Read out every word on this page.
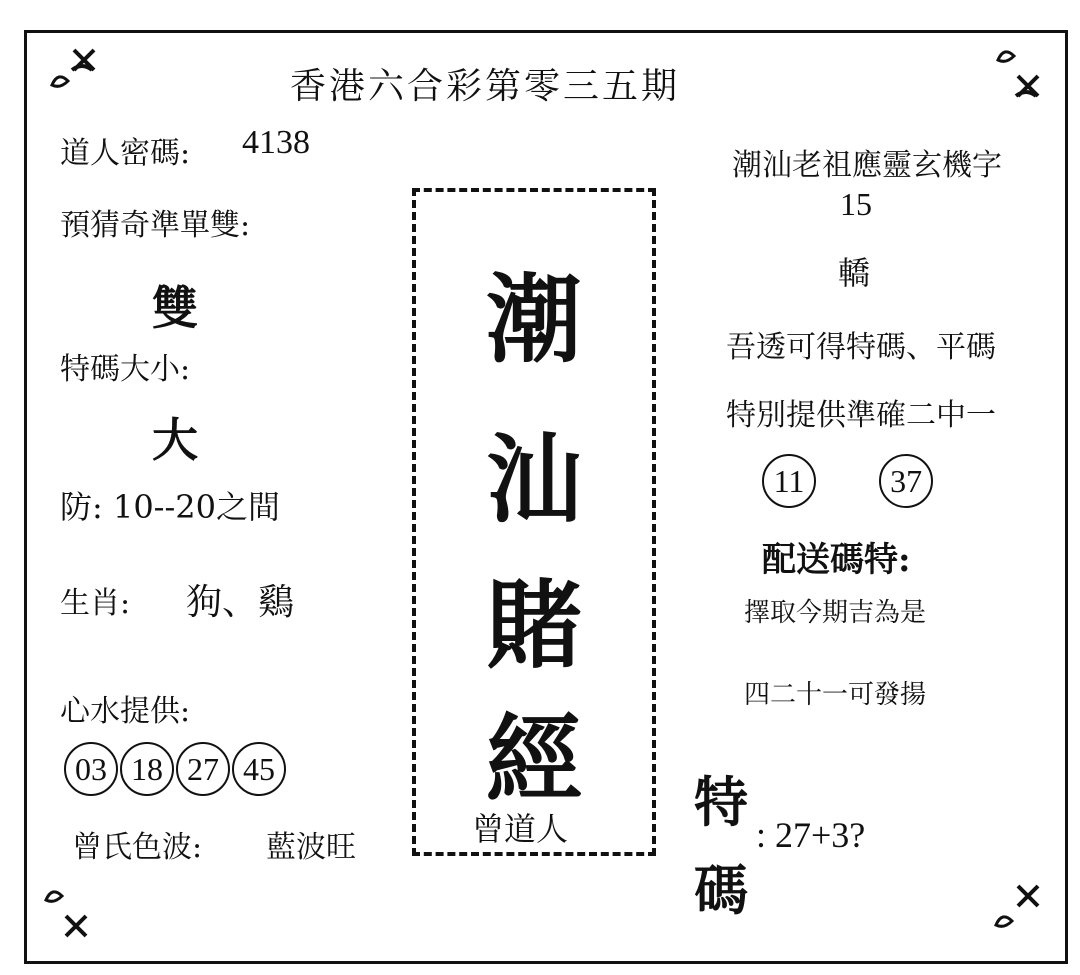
香港六合彩第零三五期
道人密碼: 4138
預猜奇準單雙:
雙
特碼大小:
大
防: 10--20之間
生肖: 狗、鷄
心水提供:
03 18 27 45
曾氏色波: 藍波旺
潮
汕
賭
經
曾道人
潮汕老祖應靈玄機字
15
轎
吾透可得特碼、平碼
特別提供準確二中一
11	37
配送碼特:
擇取今期吉為是
四二十一可發揚
特
碼
: 27+3?
